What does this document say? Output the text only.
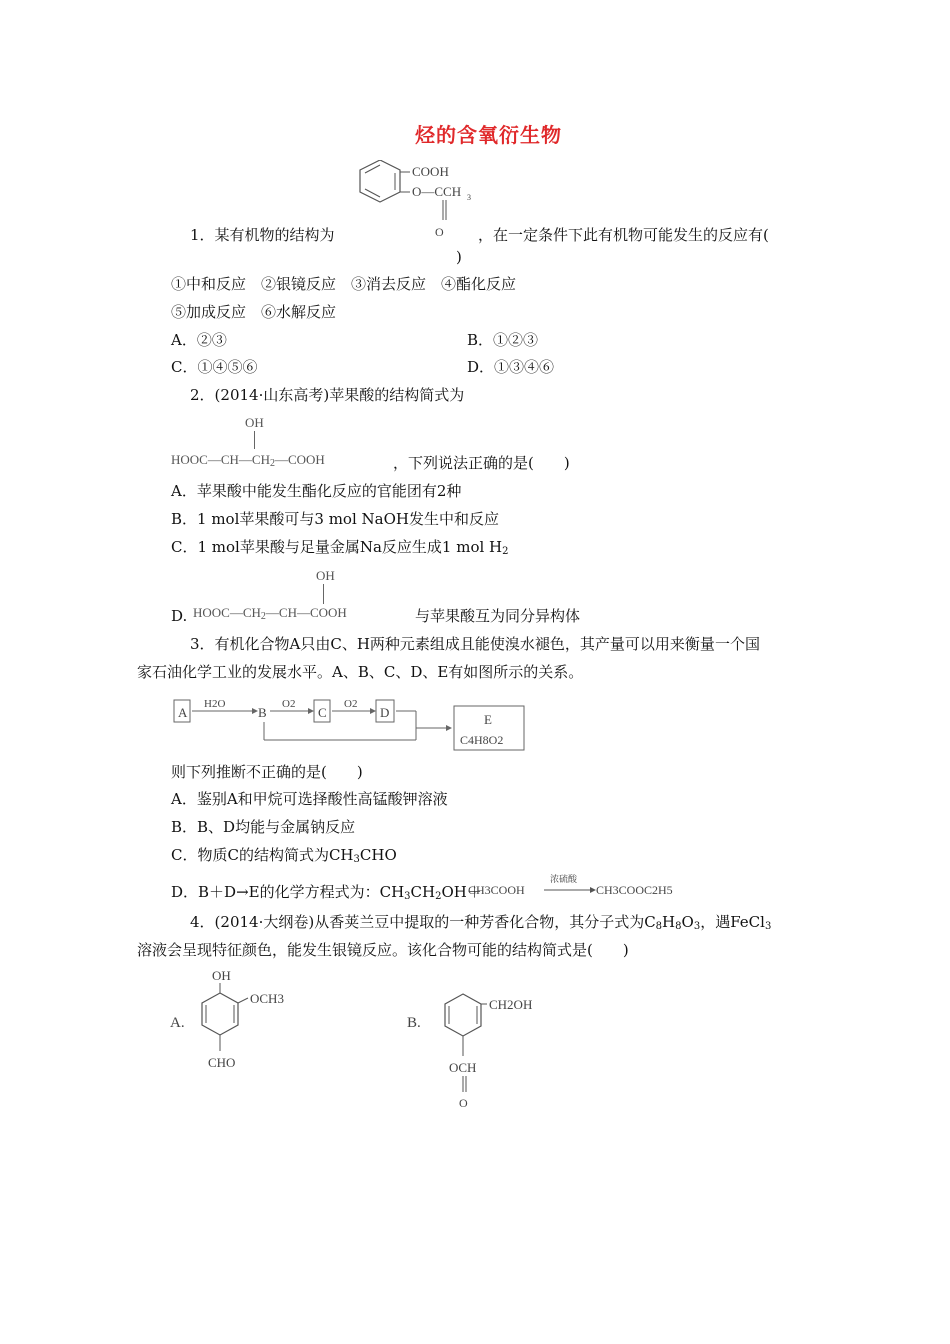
烃的含氧衍生物
COOH
O—CCH 3
O
1．某有机物的结构为	，在一定条件下此有机物可能发生的反应有(
)
①中和反应　②银镜反应　③消去反应　④酯化反应
⑤加成反应　⑥水解反应
A．②③	B．①②③
C．①④⑤⑥	D．①③④⑥
2．(2014·山东高考)苹果酸的结构简式为
OH
$HOOC—CH—CH_2—COOH$	，下列说法正确的是(　　)
A．苹果酸中能发生酯化反应的官能团有2种
B．1 mol苹果酸可与3 mol NaOH发生中和反应
C．1 mol苹果酸与足量金属Na反应生成1 mol $H_2$
OH
D. $HOOC—CH_2—CH—COOH$	与苹果酸互为同分异构体
3．有机化合物A只由C、H两种元素组成且能使溴水褪色，其产量可以用来衡量一个国
家石油化学工业的发展水平。A、B、C、D、E有如图所示的关系。
A
H2O
B
O2
C
O2
D	E
C4H8O2
则下列推断不正确的是(　　)
A．鉴别A和甲烷可选择酸性高锰酸钾溶液
B．B、D均能与金属钠反应
C．物质C的结构简式为$CH_3CHO$
D．B＋D→E的化学方程式为：$CH_3CH_2OH+$
CH3COOH
浓硫酸
CH3COOC2H5
4．(2014·大纲卷)从香荚兰豆中提取的一种芳香化合物，其分子式为$C_8H_8O_3$，遇FeCl$_3$
溶液会呈现特征颜色，能发生银镜反应。该化合物可能的结构简式是(　　)
A.
OH
OCH3
CHO
B.
CH2OH
OCH
O
